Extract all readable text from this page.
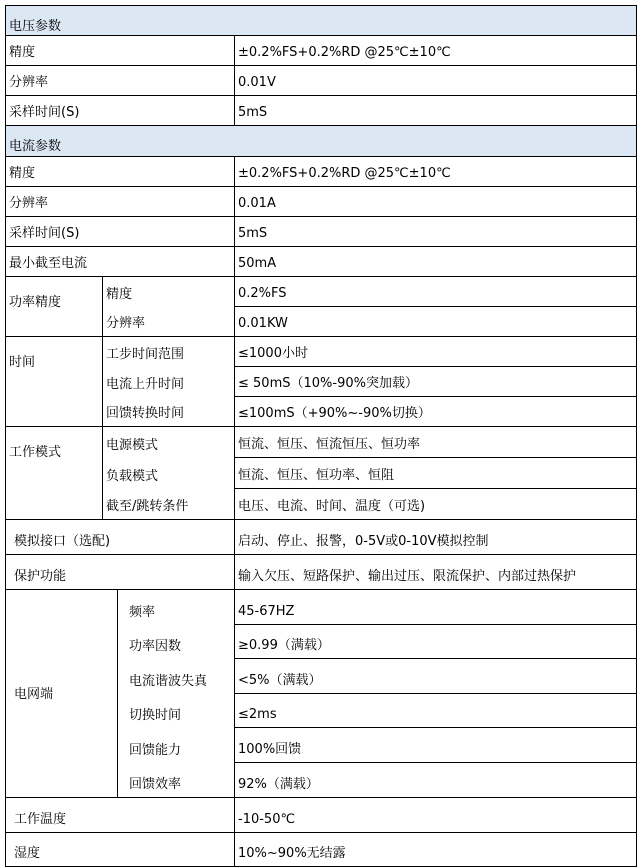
电压参数
精度	±0.2%FS+0.2%RD @25℃±10℃
分辨率	0.01V
采样时间(S)	5mS
电流参数
精度	±0.2%FS+0.2%RD @25℃±10℃
分辨率	0.01A
采样时间(S)	5mS
最小截至电流	50mA
功率精度
精度	0.2%FS
分辨率	0.01KW
时间
工步时间范围	≤1000小时
电流上升时间	≤ 50mS（10%-90%突加载）
回馈转换时间	≤100mS（+90%~-90%切换）
工作模式	电源模式	恒流、恒压、恒流恒压、恒功率
负载模式	恒流、恒压、恒功率、恒阻
截至/跳转条件	电压、电流、时间、温度（可选)
模拟接口（选配)	启动、停止、报警，0-5V或0-10V模拟控制
保护功能	输入欠压、短路保护、输出过压、限流保护、内部过热保护
电网端
频率	45-67HZ
功率因数	≥0.99（满载）
电流谐波失真 <5%（满载）
切换时间	≤2ms
回馈能力	100%回馈
回馈效率	92%（满载）
工作温度	-10-50℃
湿度	10%~90%无结露
